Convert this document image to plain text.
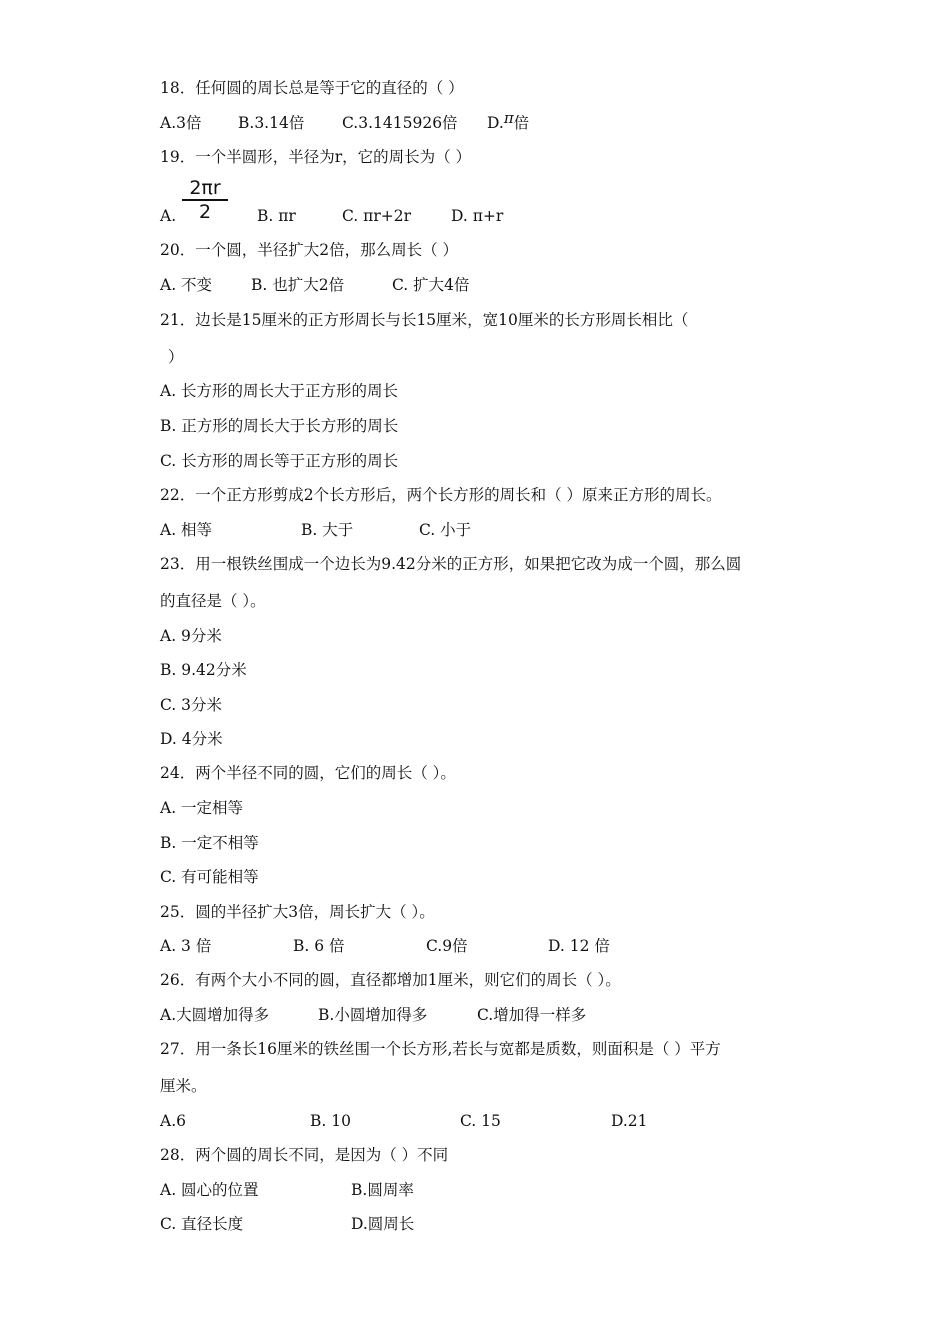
18．任何圆的周长总是等于它的直径的（ ）
A.3倍 B.3.14倍 C.3.1415926倍 D.π倍
19．一个半圆形，半径为r，它的周长为（ ）
$\frac{2\pi r}{2}$
A.	B. πr	C. πr+2r	D. π+r
20．一个圆，半径扩大2倍，那么周长（ ）
A. 不变	B. 也扩大2倍	C. 扩大4倍
21．边长是15厘米的正方形周长与长15厘米，宽10厘米的长方形周长相比（
）
A. 长方形的周长大于正方形的周长
B. 正方形的周长大于长方形的周长
C. 长方形的周长等于正方形的周长
22．一个正方形剪成2个长方形后，两个长方形的周长和（ ）原来正方形的周长。
A. 相等	B. 大于	C. 小于
23．用一根铁丝围成一个边长为9.42分米的正方形，如果把它改为成一个圆，那么圆
的直径是（ ）。
A. 9分米
B. 9.42分米
C. 3分米
D. 4分米
24．两个半径不同的圆，它们的周长（ ）。
A. 一定相等
B. 一定不相等
C. 有可能相等
25．圆的半径扩大3倍，周长扩大（ ）。
A. 3 倍	B. 6 倍	C.9倍	D. 12 倍
26．有两个大小不同的圆，直径都增加1厘米，则它们的周长（ ）。
A.大圆增加得多	B.小圆增加得多	C.增加得一样多
27．用一条长16厘米的铁丝围一个长方形,若长与宽都是质数，则面积是（ ）平方
厘米。
A.6	B. 10	C. 15	D.21
28．两个圆的周长不同，是因为（ ）不同
A. 圆心的位置	B.圆周率
C. 直径长度	D.圆周长
